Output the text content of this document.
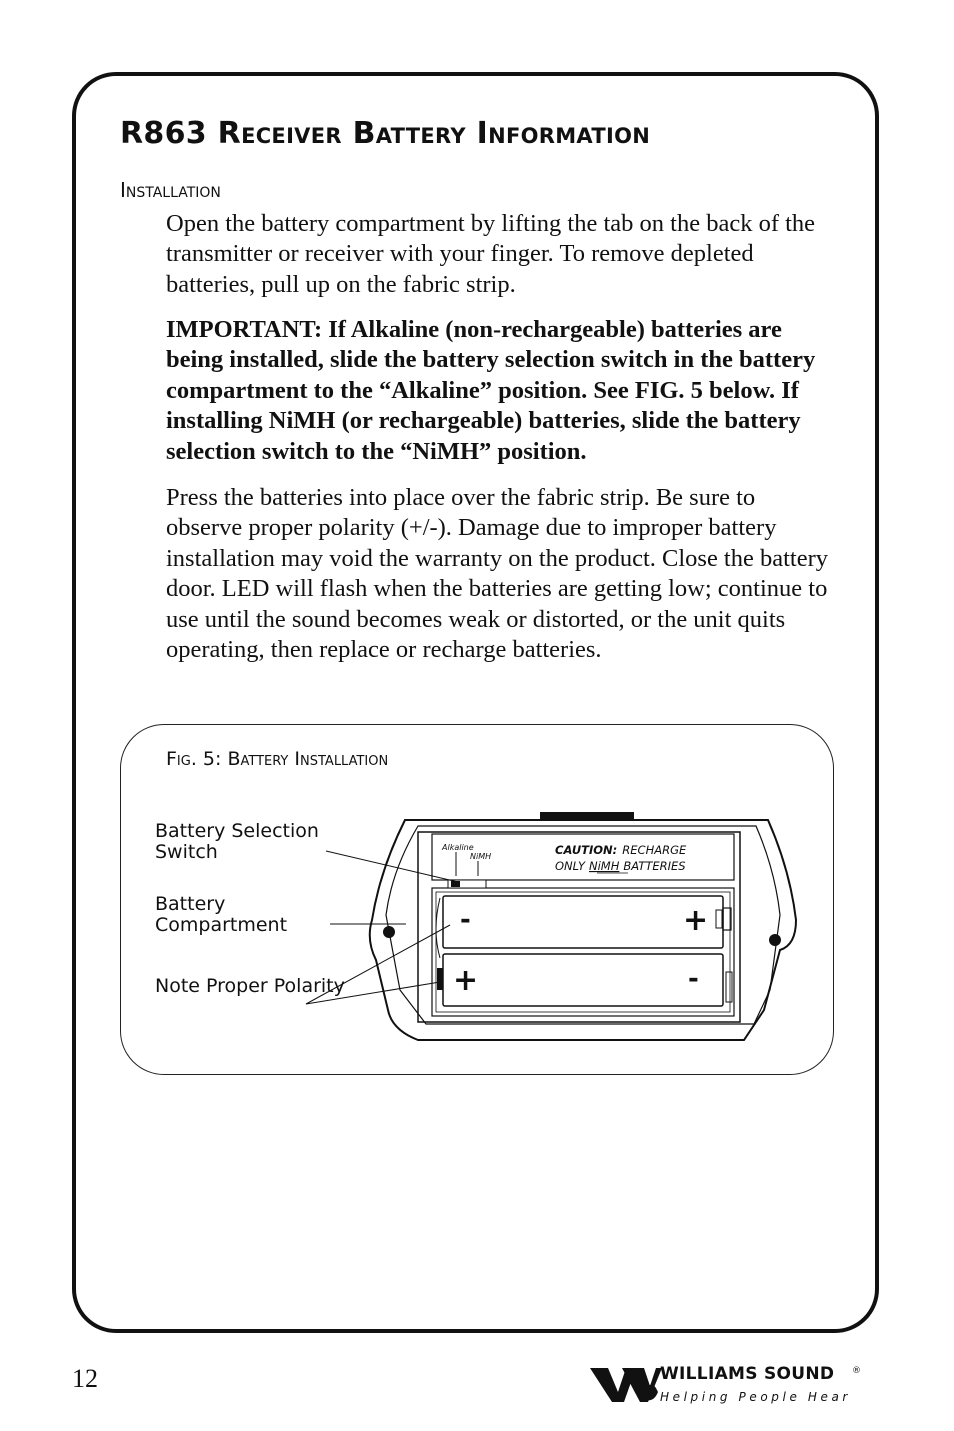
R863 Receiver Battery Information
Installation

Open the battery compartment by lifting the tab on the back of the transmitter or receiver with your finger. To remove depleted batteries, pull up on the fabric strip.

IMPORTANT: If Alkaline (non-rechargeable) batteries are being installed, slide the battery selection switch in the battery compartment to the “Alkaline” position. See FIG. 5 below. If installing NiMH (or rechargeable) batteries, slide the battery selection switch to the “NiMH” position.

Press the batteries into place over the fabric strip. Be sure to observe proper polarity (+/-). Damage due to improper battery installation may void the warranty on the product. Close the battery door. LED will flash when the batteries are getting low; continue to use until the sound becomes weak or distorted, or the unit quits operating, then replace or recharge batteries.

Fig. 5: Battery Installation

Battery Selection Switch

Battery Compartment

Note Proper Polarity

-	+
+	-
Alkaline
NiMH	CAUTION: RECHARGE
ONLY NiMH BATTERIES
12	WILLIAMS SOUND ®
Helping People Hear
